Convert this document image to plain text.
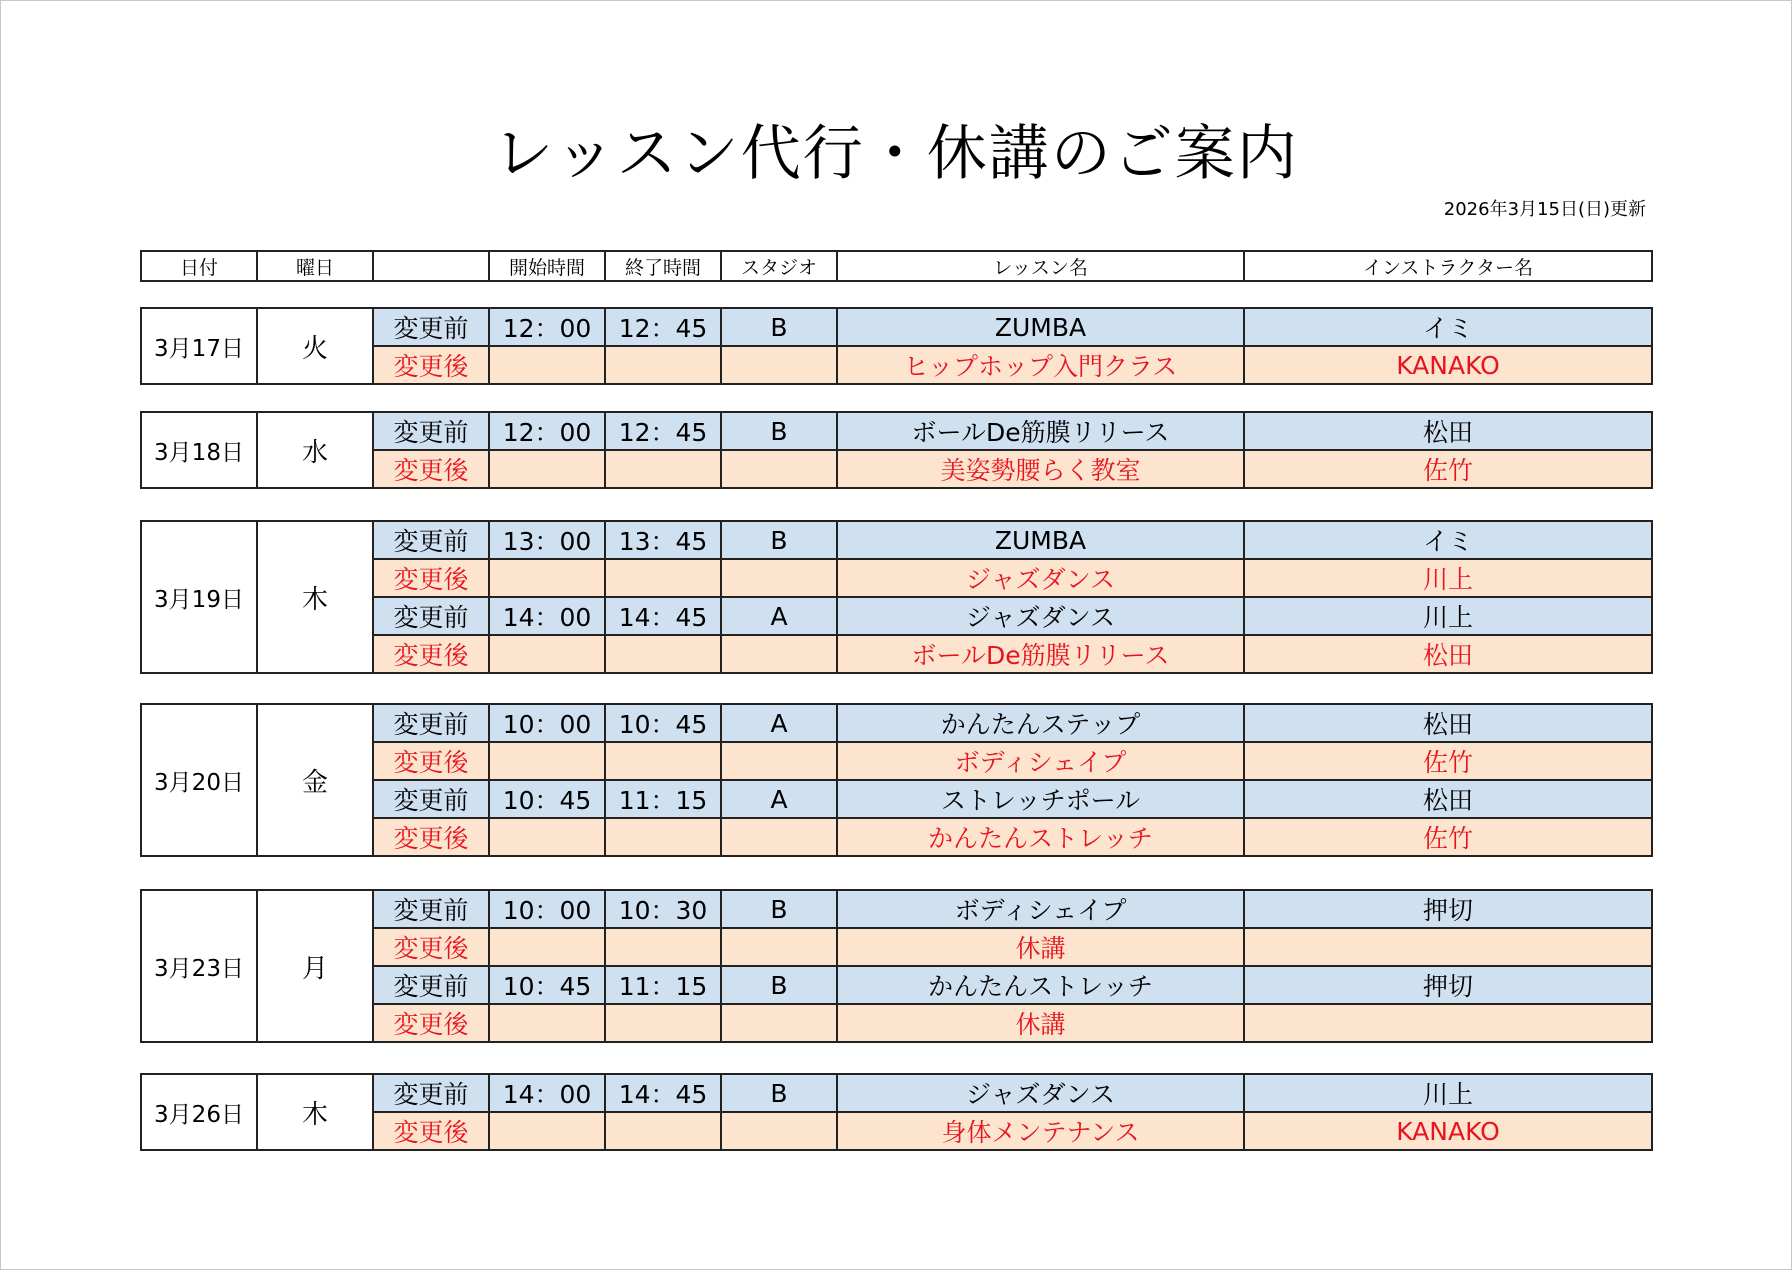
レッスン代行・休講のご案内
2026年3月15日(日)更新
日付	曜日		開始時間	終了時間	スタジオ	レッスン名	インストラクター名
3月17日	火	変更前	12：00	12：45	B	ZUMBA	イミ
		変更後				ヒップホップ入門クラス	KANAKO
3月18日	水	変更前	12：00	12：45	B	ボールDe筋膜リリース	松田
		変更後				美姿勢腰らく教室	佐竹
3月19日	木	変更前	13：00	13：45	B	ZUMBA	イミ
		変更後				ジャズダンス	川上
		変更前	14：00	14：45	A	ジャズダンス	川上
		変更後				ボールDe筋膜リリース	松田
3月20日	金	変更前	10：00	10：45	A	かんたんステップ	松田
		変更後				ボディシェイプ	佐竹
		変更前	10：45	11：15	A	ストレッチポール	松田
		変更後				かんたんストレッチ	佐竹
3月23日	月	変更前	10：00	10：30	B	ボディシェイプ	押切
		変更後				休講	
		変更前	10：45	11：15	B	かんたんストレッチ	押切
		変更後				休講	
3月26日	木	変更前	14：00	14：45	B	ジャズダンス	川上
		変更後				身体メンテナンス	KANAKO
